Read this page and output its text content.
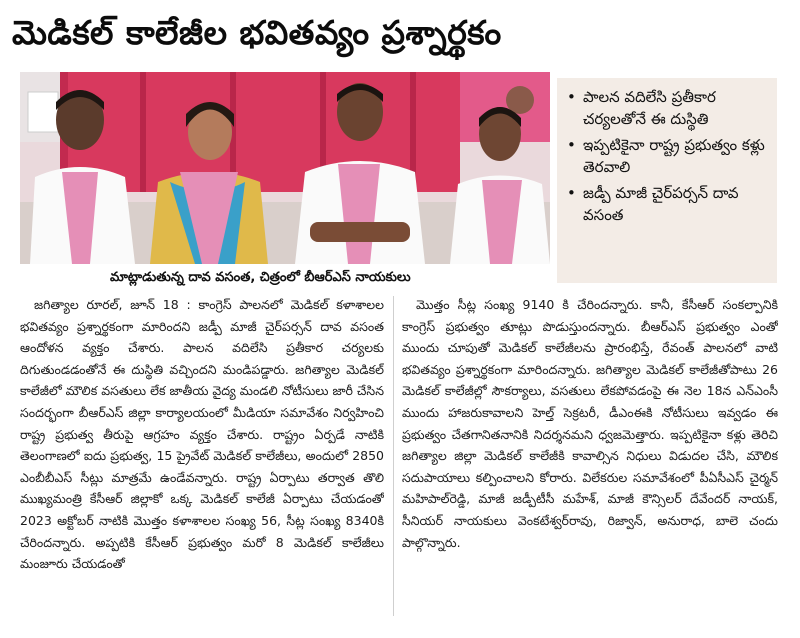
మెడికల్ కాలేజీల భవితవ్యం ప్రశ్నార్థకం
మాట్లాడుతున్న దావ వసంత, చిత్రంలో బీఆర్ఎస్ నాయకులు
• పాలన వదిలేసి ప్రతీకార చర్యలతోనే ఈ దుస్థితి
• ఇప్పటికైనా రాష్ట్ర ప్రభుత్వం కళ్లు తెరవాలి
• జడ్పీ మాజీ చైర్‌పర్సన్ దావ వసంత

జగిత్యాల రూరల్, జూన్ 18 : కాంగ్రెస్ పాలనలో మెడికల్ కళాశాలల భవితవ్యం ప్రశ్నార్థకంగా మారిందని జడ్పీ మాజీ చైర్‌పర్సన్ దావ వసంత ఆందోళన వ్యక్తం చేశారు. పాలన వదిలేసి ప్రతీకార చర్యలకు దిగుతుండడంతోనే ఈ దుస్థితి వచ్చిందని మండిపడ్డారు. జగిత్యాల మెడికల్ కాలేజీలో మౌలిక వసతులు లేక జాతీయ వైద్య మండలి నోటీసులు జారీ చేసిన సందర్భంగా బీఆర్ఎస్ జిల్లా కార్యాలయంలో మీడియా సమావేశం నిర్వహించి రాష్ట్ర ప్రభుత్వ తీరుపై ఆగ్రహం వ్యక్తం చేశారు. రాష్ట్రం ఏర్పడే నాటికి తెలంగాణలో ఐదు ప్రభుత్వ, 15 ప్రైవేట్ మెడికల్ కాలేజీలు, అందులో 2850 ఎంబీబీఎస్ సీట్లు మాత్రమే ఉండేవన్నారు. రాష్ట్ర ఏర్పాటు తర్వాత తొలి ముఖ్యమంత్రి కేసీఆర్ జిల్లాకో ఒక్క మెడికల్ కాలేజీ ఏర్పాటు చేయడంతో 2023 అక్టోబర్ నాటికి మొత్తం కళాశాలల సంఖ్య 56, సీట్ల సంఖ్య 8340కి చేరిందన్నారు. అప్పటికి కేసీఆర్ ప్రభుత్వం మరో 8 మెడికల్ కాలేజీలు మంజూరు చేయడంతో

మొత్తం సీట్ల సంఖ్య 9140 కి చేరిందన్నారు. కానీ, కేసీఆర్ సంకల్పానికి కాంగ్రెస్ ప్రభుత్వం తూట్లు పొడుస్తుందన్నారు. బీఆర్ఎస్ ప్రభుత్వం ఎంతో ముందు చూపుతో మెడికల్ కాలేజీలను ప్రారంభిస్తే, రేవంత్ పాలనలో వాటి భవితవ్యం ప్రశ్నార్థకంగా మారిందన్నారు. జగిత్యాల మెడికల్ కాలేజీతోపాటు 26 మెడికల్ కాలేజీల్లో సౌకర్యాలు, వసతులు లేకపోవడంపై ఈ నెల 18న ఎన్ఎంసీ ముందు హాజరుకావాలని హెల్త్ సెక్రటరీ, డీఎంఈకి నోటీసులు ఇవ్వడం ఈ ప్రభుత్వం చేతగానితనానికి నిదర్శనమని ధ్వజమెత్తారు. ఇప్పటికైనా కళ్లు తెరిచి జగిత్యాల జిల్లా మెడికల్ కాలేజీకి కావాల్సిన నిధులు విడుదల చేసి, మౌలిక సదుపాయాలు కల్పించాలని కోరారు. విలేకరుల సమావేశంలో పీఏసీఎస్ చైర్మన్ మహిపాల్‌రెడ్డి, మాజీ జడ్పీటీసీ మహేశ్, మాజీ కౌన్సిలర్ దేవేందర్ నాయక్, సీనియర్ నాయకులు వెంకటేశ్వర్‌రావు, రిజ్వాన్, అనురాధ, బాలె చందు పాల్గొన్నారు.
